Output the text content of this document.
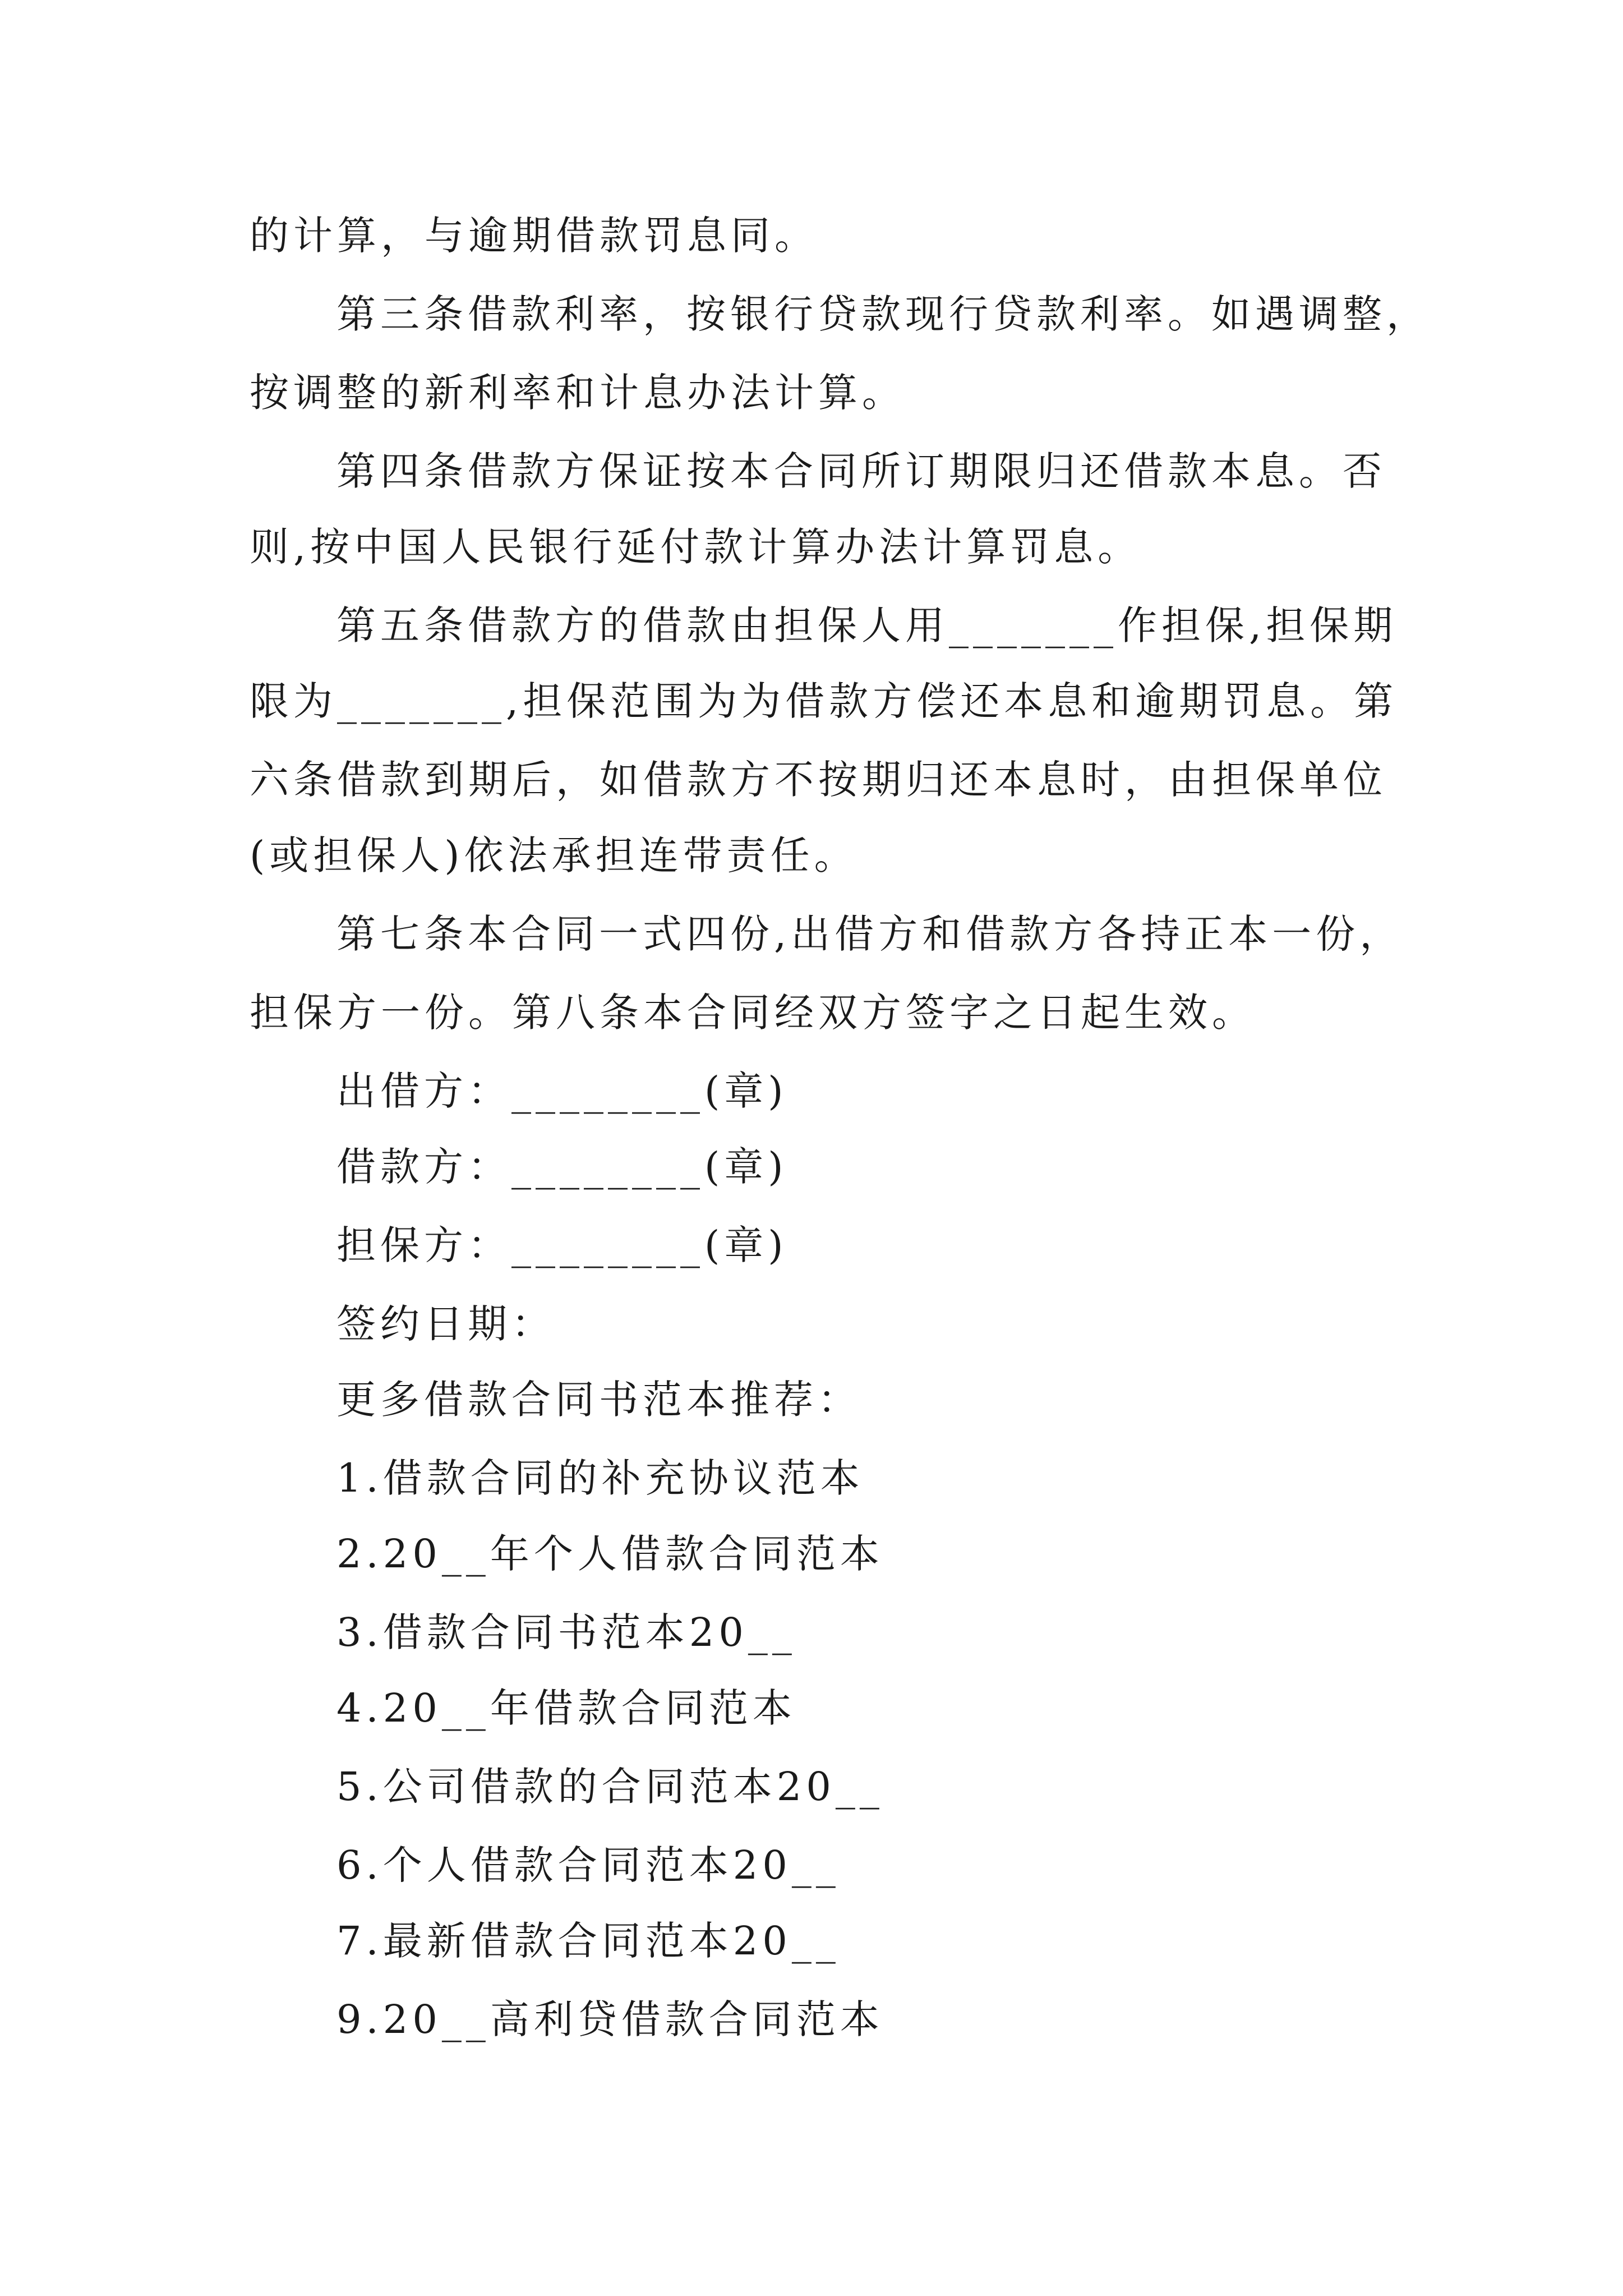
的计算，与逾期借款罚息同。
第三条借款利率，按银行贷款现行贷款利率。如遇调整，
按调整的新利率和计息办法计算。
第四条借款方保证按本合同所订期限归还借款本息。否
则,按中国人民银行延付款计算办法计算罚息。
第五条借款方的借款由担保人用_______作担保,担保期
限为_______,担保范围为为借款方偿还本息和逾期罚息。第
六条借款到期后，如借款方不按期归还本息时，由担保单位
(或担保人)依法承担连带责任。
第七条本合同一式四份,出借方和借款方各持正本一份，
担保方一份。第八条本合同经双方签字之日起生效。
出借方：________(章)
借款方：________(章)
担保方：________(章)
签约日期：
更多借款合同书范本推荐：
1.借款合同的补充协议范本
2.20__年个人借款合同范本
3.借款合同书范本20__
4.20__年借款合同范本
5.公司借款的合同范本20__
6.个人借款合同范本20__
7.最新借款合同范本20__
9.20__高利贷借款合同范本
